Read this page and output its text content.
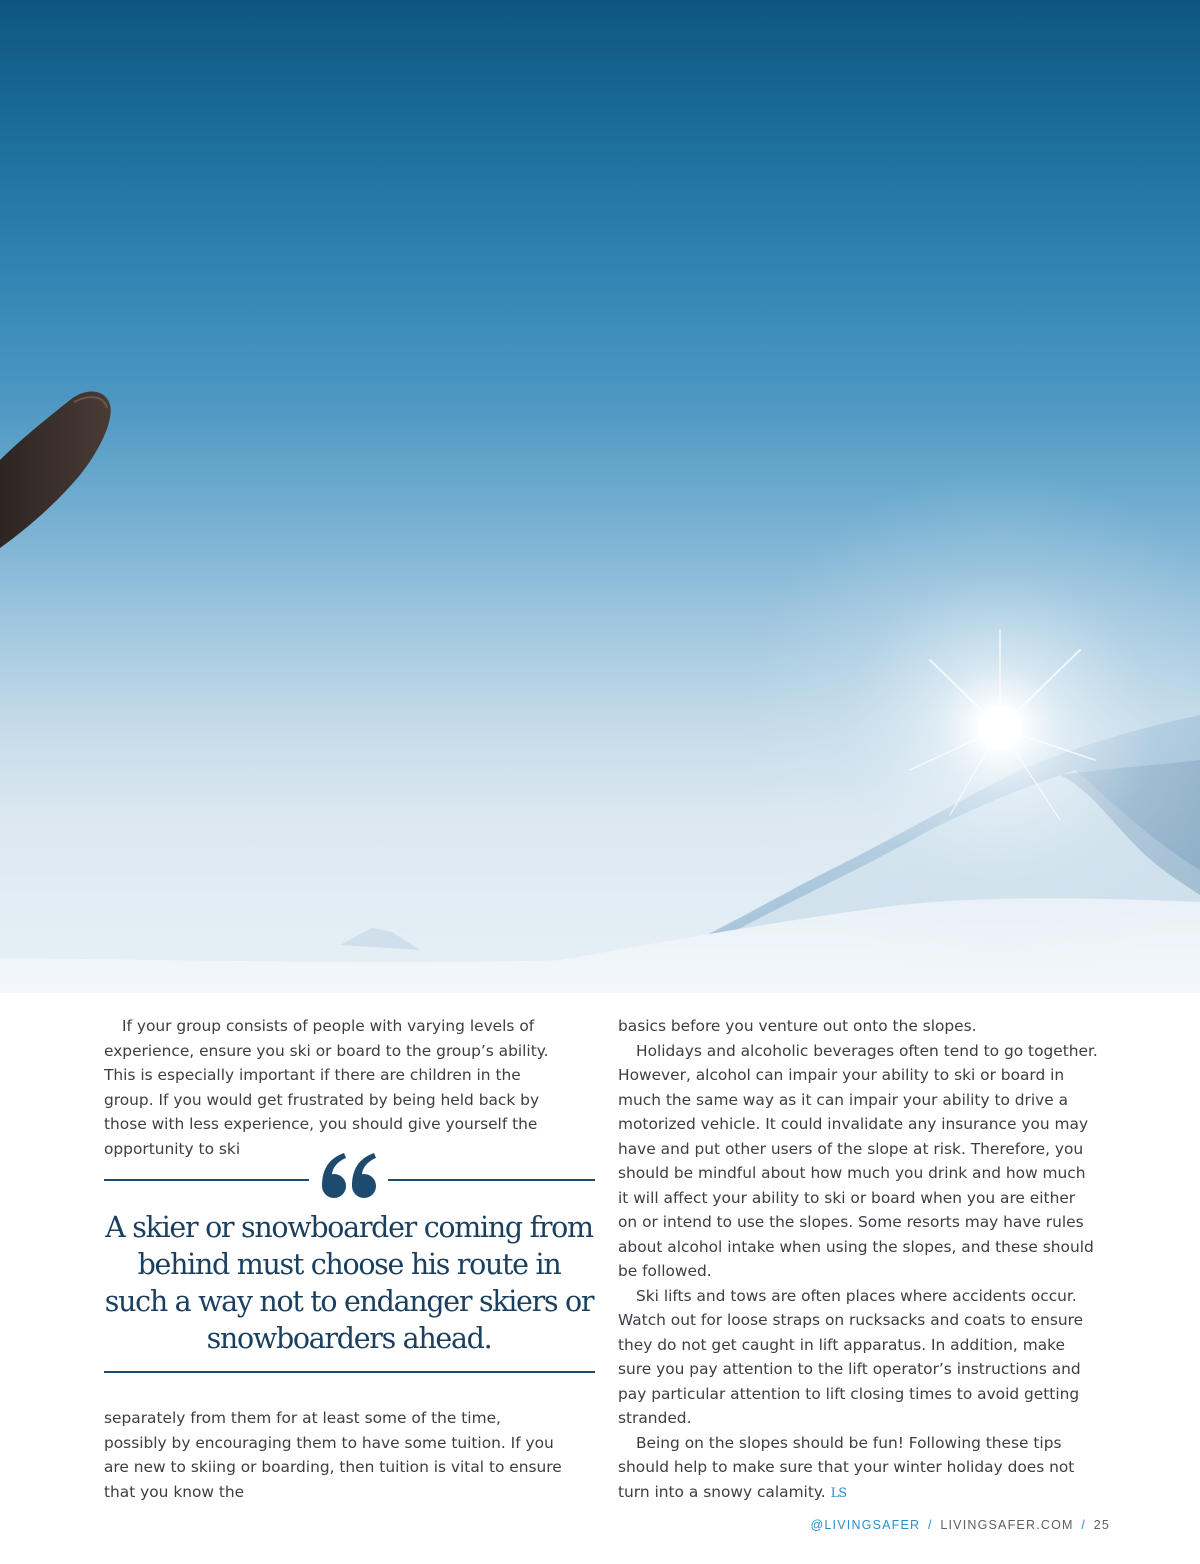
If your group consists of people with varying levels of experience, ensure you ski or board to the group’s ability. This is especially important if there are children in the group. If you would get frustrated by being held back by those with less experience, you should give yourself the opportunity to ski

A skier or snowboarder coming from behind must choose his route in such a way not to endanger skiers or snowboarders ahead.

separately from them for at least some of the time, possibly by encouraging them to have some tuition. If you are new to skiing or boarding, then tuition is vital to ensure that you know the

basics before you venture out onto the slopes.

Holidays and alcoholic beverages often tend to go together. However, alcohol can impair your ability to ski or board in much the same way as it can impair your ability to drive a motorized vehicle. It could invalidate any insurance you may have and put other users of the slope at risk. Therefore, you should be mindful about how much you drink and how much it will affect your ability to ski or board when you are either on or intend to use the slopes. Some resorts may have rules about alcohol intake when using the slopes, and these should be followed.

Ski lifts and tows are often places where accidents occur. Watch out for loose straps on rucksacks and coats to ensure they do not get caught in lift apparatus. In addition, make sure you pay attention to the lift operator’s instructions and pay particular attention to lift closing times to avoid getting stranded.

Being on the slopes should be fun! Following these tips should help to make sure that your winter holiday does not turn into a snowy calamity. LS

@LIVINGSAFER / LIVINGSAFER.COM / 25
